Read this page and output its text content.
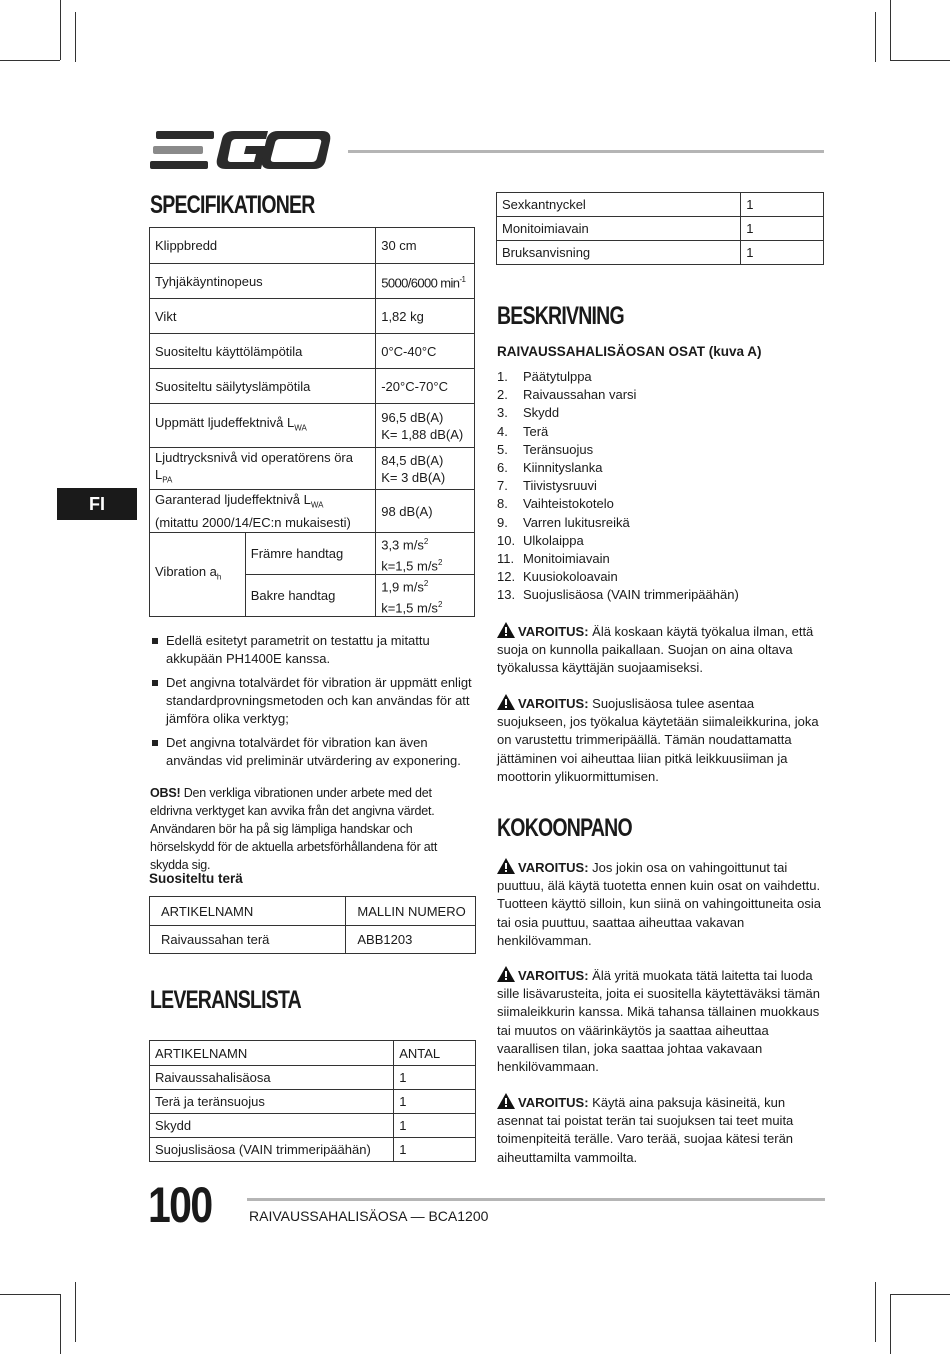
FI
SPECIFIKATIONER
Klippbredd		30 cm
Tyhjäkäyntinopeus		5000/6000 $\min^{-1}$
Vikt		1,82 kg
Suositeltu käyttölämpötila		0°C-40°C
Suositeltu säilytyslämpötila		-20°C-70°C
Uppmätt ljudeffektnivå $L_{WA}$		96,5 dB(A)
K= 1,88 dB(A)

Ljudtrycksnivå vid operatörens öra $L_{PA}$		84,5 dB(A)
K= 3 dB(A)

Garanterad ljudeffektnivå $L_{WA}$
(mitattu 2000/14/EC:n mukaisesti)		98 dB(A)
Vibration $a_h$	Främre handtag	3,3 $m/s^2$
k=1,5 $m/s^2$

	Bakre handtag	1,9 $m/s^2$
k=1,5 $m/s^2$
Edellä esitetyt parametrit on testattu ja mitattu akkupään PH1400E kanssa.
Det angivna totalvärdet för vibration är uppmätt enligt standardprovningsmetoden och kan användas för att jämföra olika verktyg;
Det angivna totalvärdet för vibration kan även användas vid preliminär utvärdering av exponering.
OBS! Den verkliga vibrationen under arbete med det eldrivna verktyget kan avvika från det angivna värdet. Användaren bör ha på sig lämpliga handskar och hörselskydd för de aktuella arbetsförhållandena för att skydda sig.
Suositeltu terä
ARTIKELNAMN	MALLIN NUMERO
Raivaussahan terä	ABB1203
LEVERANSLISTA
ARTIKELNAMN	ANTAL
Raivaussahalisäosa	1
Terä ja teränsuojus	1
Skydd	1
Suojuslisäosa (VAIN trimmeripäähän)	1
Sexkantnyckel	1
Monitoimiavain	1
Bruksanvisning	1
BESKRIVNING
RAIVAUSSAHALISÄOSAN OSAT (kuva A)
1.	Päätytulppa
2.	Raivaussahan varsi
3.	Skydd
4.	Terä
5.	Teränsuojus
6.	Kiinnityslanka
7.	Tiivistysruuvi
8.	Vaihteistokotelo
9.	Varren lukitusreikä
10. Ulkolaippa
11. Monitoimiavain
12. Kuusiokoloavain
13. Suojuslisäosa (VAIN trimmeripäähän)
VAROITUS: Älä koskaan käytä työkalua ilman, että suoja on kunnolla paikallaan. Suojan on aina oltava työkalussa käyttäjän suojaamiseksi.
VAROITUS: Suojuslisäosa tulee asentaa suojukseen, jos työkalua käytetään siimaleikkurina, joka on varustettu trimmeripäällä. Tämän noudattamatta jättäminen voi aiheuttaa liian pitkä leikkuusiiman ja moottorin ylikuormittumisen.
KOKOONPANO
VAROITUS: Jos jokin osa on vahingoittunut tai puuttuu, älä käytä tuotetta ennen kuin osat on vaihdettu. Tuotteen käyttö silloin, kun siinä on vahingoittuneita osia tai osia puuttuu, saattaa aiheuttaa vakavan henkilövamman.
VAROITUS: Älä yritä muokata tätä laitetta tai luoda sille lisävarusteita, joita ei suositella käytettäväksi tämän siimaleikkurin kanssa. Mikä tahansa tällainen muokkaus tai muutos on väärinkäytös ja saattaa aiheuttaa vaarallisen tilan, joka saattaa johtaa vakavaan henkilövammaan.
VAROITUS: Käytä aina paksuja käsineitä, kun asennat tai poistat terän tai suojuksen tai teet muita toimenpiteitä terälle. Varo terää, suojaa kätesi terän aiheuttamilta vammoilta.
100	RAIVAUSSAHALISÄOSA — BCA1200
